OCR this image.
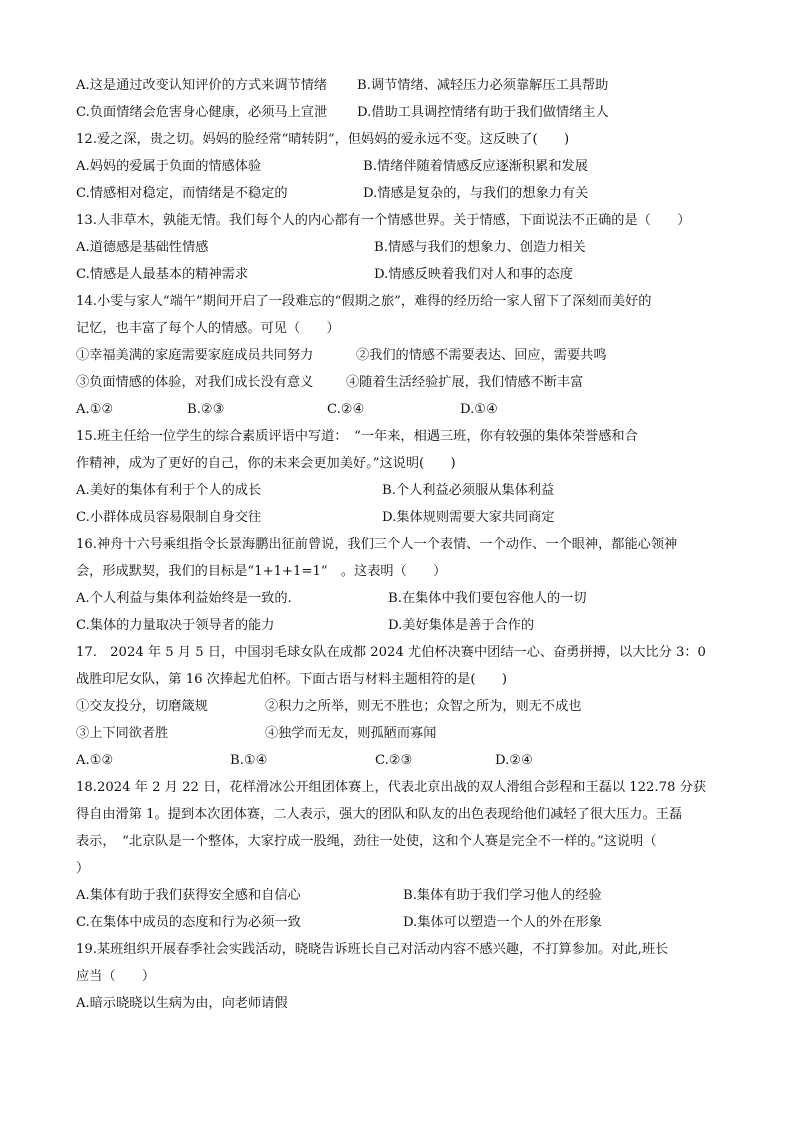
A.这是通过改变认知评价的方式来调节情绪 B.调节情绪、减轻压力必须靠解压工具帮助
C.负面情绪会危害身心健康，必须马上宣泄 D.借助工具调控情绪有助于我们做情绪主人
12.爱之深，贵之切。妈妈的脸经常“晴转阴”，但妈妈的爱永远不变。这反映了(　　)
A.妈妈的爱属于负面的情感体验	B.情绪伴随着情感反应逐渐积累和发展
C.情感相对稳定，而情绪是不稳定的	D.情感是复杂的，与我们的想象力有关
13.人非草木，孰能无情。我们每个人的内心都有一个情感世界。关于情感，下面说法不正确的是（　　）
A.道德感是基础性情感	B.情感与我们的想象力、创造力相关
C.情感是人最基本的精神需求	D.情感反映着我们对人和事的态度
14.小雯与家人“端午”期间开启了一段难忘的“假期之旅”，难得的经历给一家人留下了深刻而美好的
记忆，也丰富了每个人的情感。可见（　　）
①幸福美满的家庭需要家庭成员共同努力	②我们的情感不需要表达、回应，需要共鸣
③负面情感的体验，对我们成长没有意义 ④随着生活经验扩展，我们情感不断丰富
A.①②	B.②③	C.②④	D.①④
15.班主任给一位学生的综合素质评语中写道：　“一年来，相遇三班，你有较强的集体荣誉感和合
作精神，成为了更好的自己，你的未来会更加美好。”这说明(　　)
A.美好的集体有利于个人的成长	B.个人利益必须服从集体利益
C.小群体成员容易限制自身交往	D.集体规则需要大家共同商定
16.神舟十六号乘组指令长景海鹏出征前曾说，我们三个人一个表情、一个动作、一个眼神，都能心领神
会，形成默契，我们的目标是“1+1+1=1”　。这表明（　　）
A.个人利益与集体利益始终是一致的.	B.在集体中我们要包容他人的一切
C.集体的力量取决于领导者的能力	D.美好集体是善于合作的
17.　2024 年 5 月 5 日，中国羽毛球女队在成都 2024 尤伯杯决赛中团结一心、奋勇拼搏，以大比分 3：0
战胜印尼女队，第 16 次捧起尤伯杯。下面古语与材料主题相符的是(　　)
①交友投分，切磨箴规	②积力之所举，则无不胜也；众智之所为，则无不成也
③上下同欲者胜	④独学而无友，则孤陋而寡闻
A.①②	B.①④	C.②③	D.②④
18.2024 年 2 月 22 日，花样滑冰公开组团体赛上，代表北京出战的双人滑组合彭程和王磊以 122.78 分获
得自由滑第 1。提到本次团体赛，二人表示，强大的团队和队友的出色表现给他们减轻了很大压力。王磊
表示，　“北京队是一个整体，大家拧成一股绳，劲往一处使，这和个人赛是完全不一样的。”这说明（
）
A.集体有助于我们获得安全感和自信心	B.集体有助于我们学习他人的经验
C.在集体中成员的态度和行为必须一致	D.集体可以塑造一个人的外在形象
19.某班组织开展春季社会实践活动，晓晓告诉班长自己对活动内容不感兴趣，不打算参加。对此,班长
应当（　　）
A.暗示晓晓以生病为由，向老师请假
